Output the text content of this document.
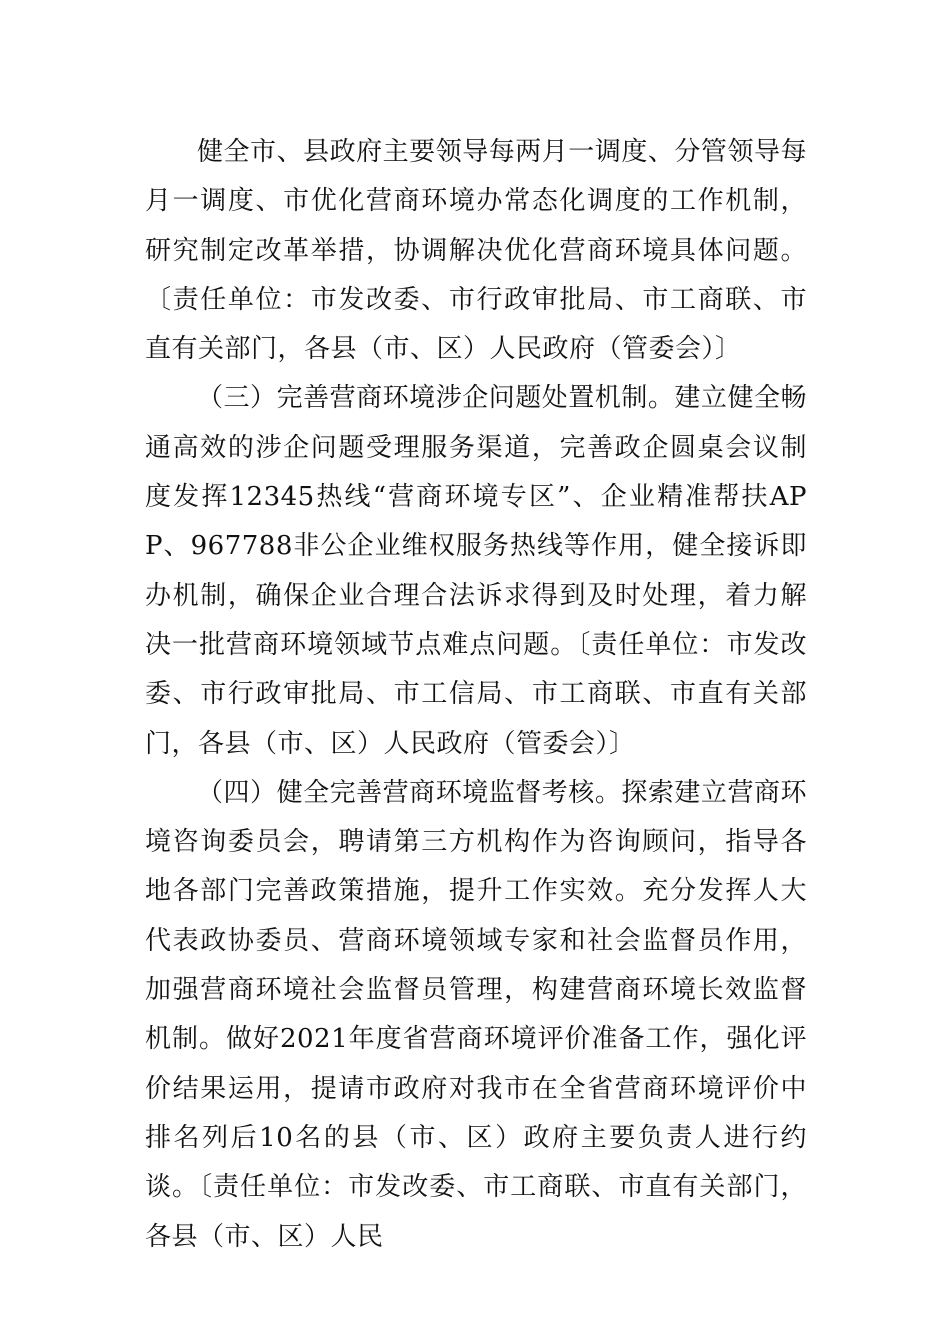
健全市、县政府主要领导每两月一调度、分管领导每月一调度、市优化营商环境办常态化调度的工作机制，研究制定改革举措，协调解决优化营商环境具体问题。〔责任单位：市发改委、市行政审批局、市工商联、市直有关部门，各县（市、区）人民政府（管委会）〕

（三）完善营商环境涉企问题处置机制。建立健全畅通高效的涉企问题受理服务渠道，完善政企圆桌会议制度发挥12345热线“营商环境专区”、企业精准帮扶APP、967788非公企业维权服务热线等作用，健全接诉即办机制，确保企业合理合法诉求得到及时处理，着力解决一批营商环境领域节点难点问题。〔责任单位：市发改委、市行政审批局、市工信局、市工商联、市直有关部门，各县（市、区）人民政府（管委会）〕

（四）健全完善营商环境监督考核。探索建立营商环境咨询委员会，聘请第三方机构作为咨询顾问，指导各地各部门完善政策措施，提升工作实效。充分发挥人大代表政协委员、营商环境领域专家和社会监督员作用，加强营商环境社会监督员管理，构建营商环境长效监督机制。做好2021年度省营商环境评价准备工作，强化评价结果运用，提请市政府对我市在全省营商环境评价中排名列后10名的县（市、区）政府主要负责人进行约谈。〔责任单位：市发改委、市工商联、市直有关部门，各县（市、区）人民
